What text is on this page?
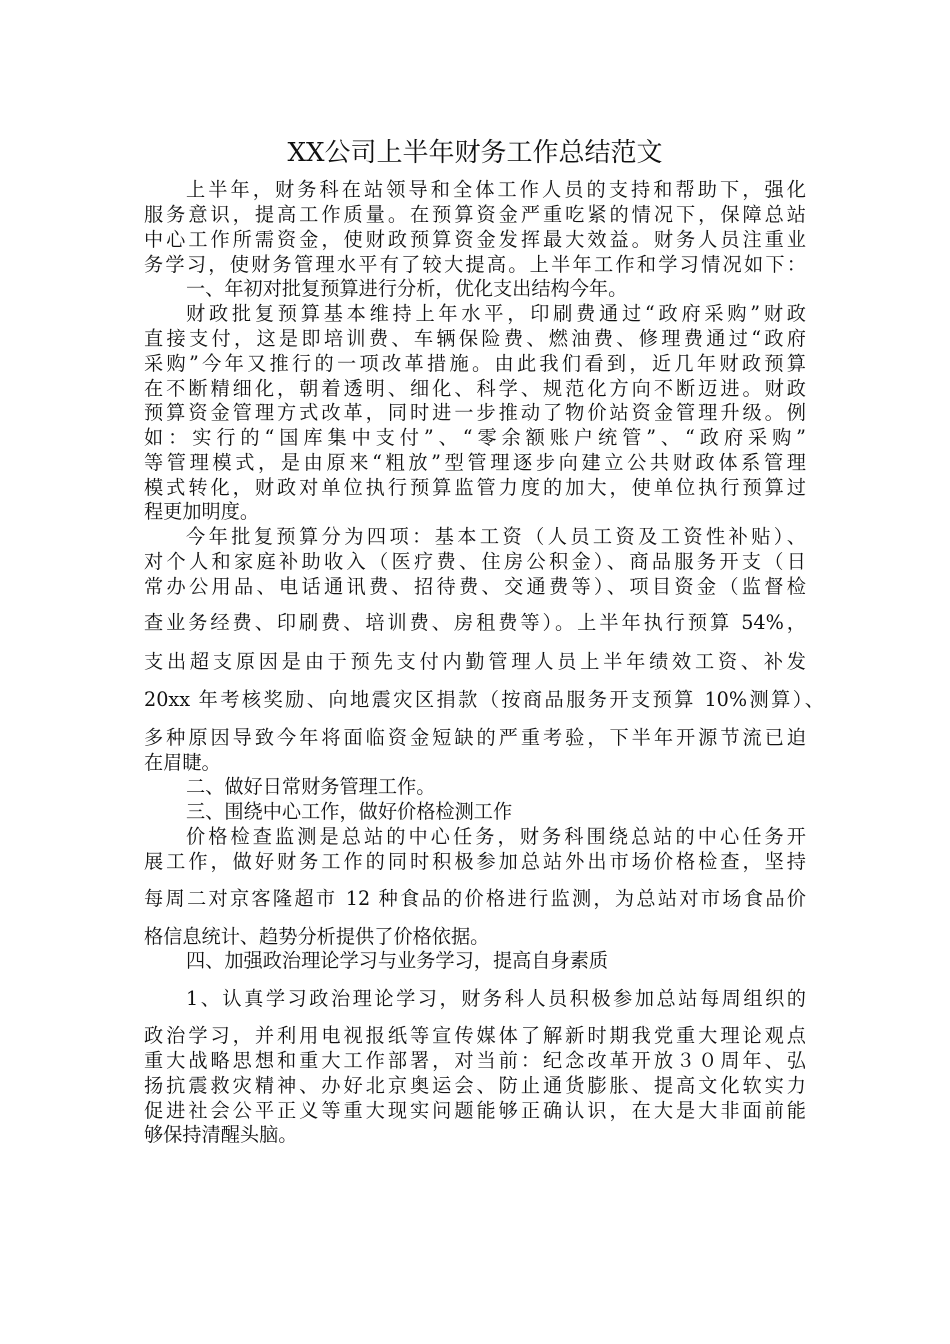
XX公司上半年财务工作总结范文
上半年，财务科在站领导和全体工作人员的支持和帮助下，强化
服务意识，提高工作质量。在预算资金严重吃紧的情况下，保障总站
中心工作所需资金，使财政预算资金发挥最大效益。财务人员注重业
务学习，使财务管理水平有了较大提高。上半年工作和学习情况如下：
一、年初对批复预算进行分析，优化支出结构今年。
财政批复预算基本维持上年水平，印刷费通过“政府采购”财政
直接支付，这是即培训费、车辆保险费、燃油费、修理费通过“政府
采购”今年又推行的一项改革措施。由此我们看到，近几年财政预算
在不断精细化，朝着透明、细化、科学、规范化方向不断迈进。财政
预算资金管理方式改革，同时进一步推动了物价站资金管理升级。例
如：实行的“国库集中支付”、“零余额账户统管”、“政府采购”
等管理模式，是由原来“粗放”型管理逐步向建立公共财政体系管理
模式转化，财政对单位执行预算监管力度的加大，使单位执行预算过
程更加明度。
今年批复预算分为四项：基本工资（人员工资及工资性补贴）、
对个人和家庭补助收入（医疗费、住房公积金）、商品服务开支（日
常办公用品、电话通讯费、招待费、交通费等）、项目资金（监督检
查业务经费、印刷费、培训费、房租费等）。上半年执行预算 54%，
支出超支原因是由于预先支付内勤管理人员上半年绩效工资、补发
20xx 年考核奖励、向地震灾区捐款（按商品服务开支预算 10%测算）、
多种原因导致今年将面临资金短缺的严重考验，下半年开源节流已迫
在眉睫。
二、做好日常财务管理工作。
三、围绕中心工作，做好价格检测工作
价格检查监测是总站的中心任务，财务科围绕总站的中心任务开
展工作，做好财务工作的同时积极参加总站外出市场价格检查，坚持
每周二对京客隆超市 12 种食品的价格进行监测，为总站对市场食品价
格信息统计、趋势分析提供了价格依据。
四、加强政治理论学习与业务学习，提高自身素质
1、认真学习政治理论学习，财务科人员积极参加总站每周组织的
政治学习，并利用电视报纸等宣传媒体了解新时期我党重大理论观点
重大战略思想和重大工作部署，对当前：纪念改革开放３０周年、弘
扬抗震救灾精神、办好北京奥运会、防止通货膨胀、提高文化软实力
促进社会公平正义等重大现实问题能够正确认识，在大是大非面前能
够保持清醒头脑。
